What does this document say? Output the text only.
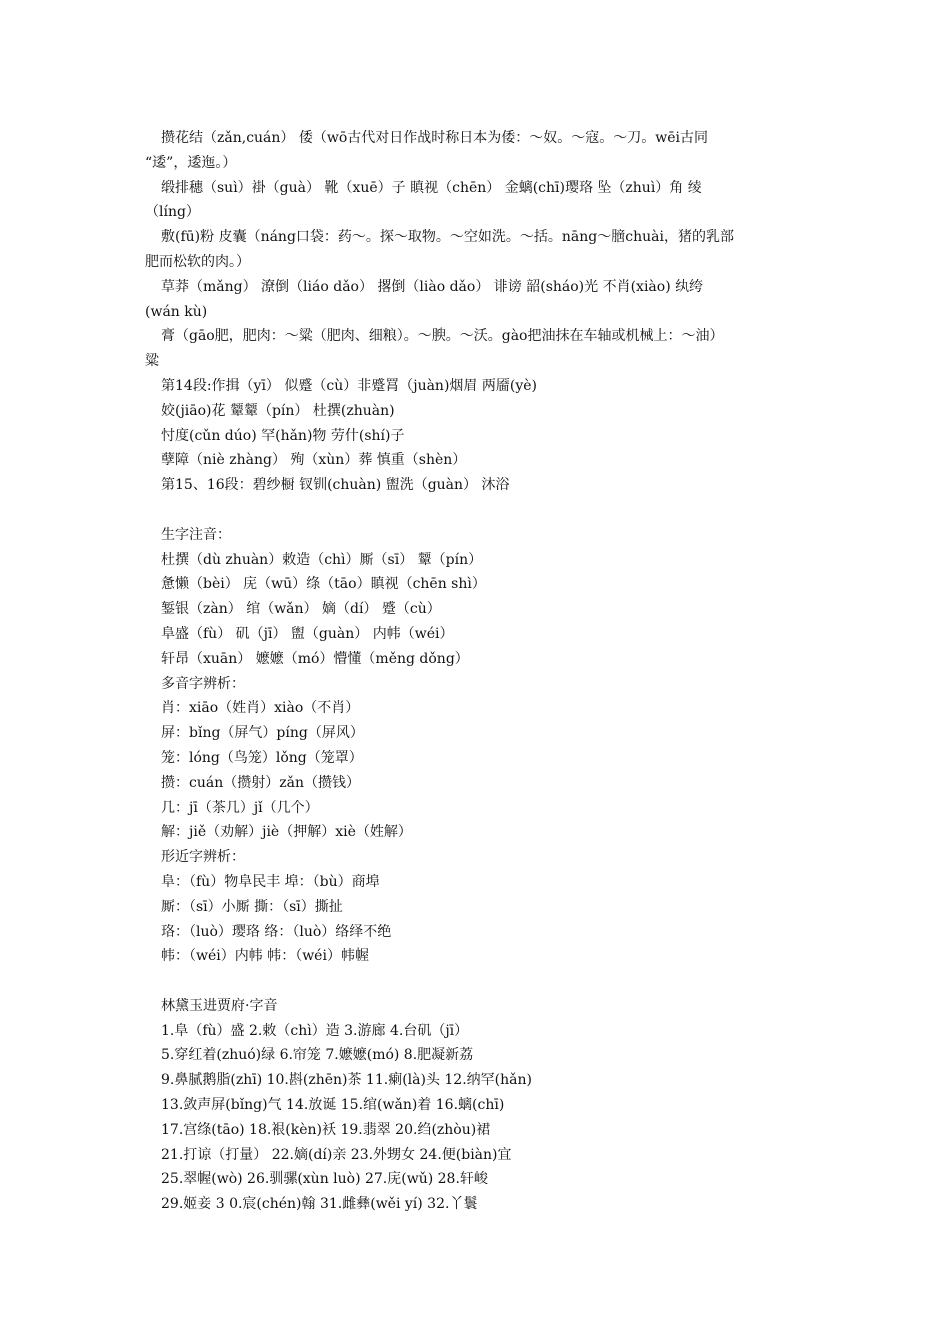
攒花结（zǎn,cuán） 倭（wō古代对日作战时称日本为倭：～奴。～寇。～刀。wēi古同
“逶”，逶迤。）
缎排穗（suì）褂（guà） 靴（xuē）子 瞋视（chēn） 金螭(chī)璎珞 坠（zhuì）角 绫
（líng）
敷(fū)粉 皮囊（náng口袋：药～。探～取物。～空如洗。～括。nāng～膪chuài，猪的乳部
肥而松软的肉。）
草莽（mǎng） 潦倒（liáo dǎo） 撂倒（liào dǎo） 诽谤 韶(sháo)光 不肖(xiào) 纨绔
(wán kù)
膏（gāo肥，肥肉：～粱（肥肉、细粮）。～腴。～沃。gào把油抹在车轴或机械上：～油）
粱
第14段:作揖（yī） 似蹙（cù）非蹙罥（juàn)烟眉 两靥(yè)
姣(jiāo)花 颦颦（pín） 杜撰(zhuàn)
忖度(cǔn dúo) 罕(hǎn)物 劳什(shí)子
孽障（niè zhàng） 殉（xùn）葬 慎重（shèn）
第15、16段：碧纱橱 钗钏(chuàn) 盥洗（guàn） 沐浴
生字注音：
杜撰（dù zhuàn）敕造（chì）厮（sī） 颦（pín）
惫懒（bèi） 庑（wū）绦（tāo）瞋视（chēn shì）
錾银（zàn） 绾（wǎn） 嫡（dí） 蹙（cù）
阜盛（fù） 矶（jī） 盥（guàn） 内帏（wéi）
轩昂（xuān） 嬷嬷（mó）懵懂（měng dǒng）
多音字辨析：
肖：xiāo（姓肖）xiào（不肖）
屏：bǐng（屏气）píng（屏风）
笼：lóng（鸟笼）lǒng（笼罩）
攒：cuán（攒射）zǎn（攒钱）
几：jī（茶几）jǐ（几个）
解：jiě（劝解）jiè（押解）xiè（姓解）
形近字辨析：
阜：（fù）物阜民丰 埠：（bù）商埠
厮：（sī）小厮 撕：（sī）撕扯
珞：（luò）璎珞 络：（luò）络绎不绝
帏：（wéi）内帏 帏：（wéi）帏幄
林黛玉进贾府·字音
1.阜（fù）盛 2.敕（chì）造 3.游廊 4.台矶（jī）
5.穿红着(zhuó)绿 6.帘笼 7.嬷嬷(mó) 8.肥凝新荔
9.鼻腻鹅脂(zhī) 10.斟(zhēn)茶 11.瘌(là)头 12.纳罕(hǎn)
13.敛声屏(bǐng)气 14.放诞 15.绾(wǎn)着 16.螭(chī)
17.宫绦(tāo) 18.裉(kèn)袄 19.翡翠 20.绉(zhòu)裙
21.打谅（打量） 22.嫡(dí)亲 23.外甥女 24.便(biàn)宜
25.翠幄(wò) 26.驯骡(xùn luò) 27.庑(wǔ) 28.轩峻
29.姬妾 3 0.宸(chén)翰 31.雌彝(wěi yí) 32.丫鬟
